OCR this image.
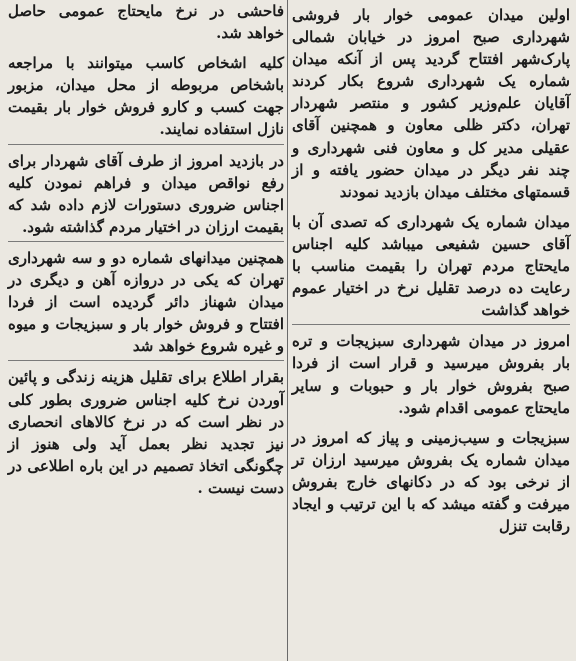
اولین میدان عمومی خوار بار فروشی شهرداری صبح امروز در خیابان شمالی پارک‌شهر افتتاح گردید پس از آنکه میدان شماره یک شهرداری شروع بکار کردند آقایان علم‌وزیر کشور و منتصر شهردار تهران، دکتر ظلی معاون و همچنین آقای عقیلی مدیر کل و معاون فنی شهرداری و چند نفر دیگر در میدان حضور یافته و از قسمتهای مختلف میدان بازدید نمودند

میدان شماره یک شهرداری که تصدی آن با آقای حسین شفیعی میباشد کلیه اجناس مایحتاج مردم تهران را بقیمت مناسب با رعایت ده درصد تقلیل نرخ در اختیار عموم خواهد گذاشت

امروز در میدان شهرداری سبزیجات و تره بار بفروش میرسید و قرار است از فردا صبح بفروش خوار بار و حبوبات و سایر مایحتاج عمومی اقدام شود.

سبزیجات و سیب‌زمینی و پیاز که امروز در میدان شماره یک بفروش میرسید ارزان تر از نرخی بود که در دکانهای خارج بفروش میرفت و گفته میشد که با این ترتیب و ایجاد رقابت تنزل

فاحشی در نرخ مایحتاج عمومی حاصل خواهد شد.

کلیه اشخاص کاسب میتوانند با مراجعه باشخاص مربوطه از محل میدان، مزبور جهت کسب و کارو فروش خوار بار بقیمت نازل استفاده نمایند.

در بازدید امروز از طرف آقای شهردار برای رفع نواقص میدان و فراهم نمودن کلیه اجناس ضروری دستورات لازم داده شد که بقیمت ارزان در اختیار مردم گذاشته شود.

همچنین میدانهای شماره دو و سه شهرداری تهران که یکی در دروازه آهن و دیگری در میدان شهناز دائر گردیده است از فردا افتتاح و فروش خوار بار و سبزیجات و میوه و غیره شروع خواهد شد

بقرار اطلاع برای تقلیل هزینه زندگی و پائین آوردن نرخ کلیه اجناس ضروری بطور کلی در نظر است که در نرخ کالاهای انحصاری نیز تجدید نظر بعمل آید ولی هنوز از چگونگی اتخاذ تصمیم در این باره اطلاعی در دست نیست .
